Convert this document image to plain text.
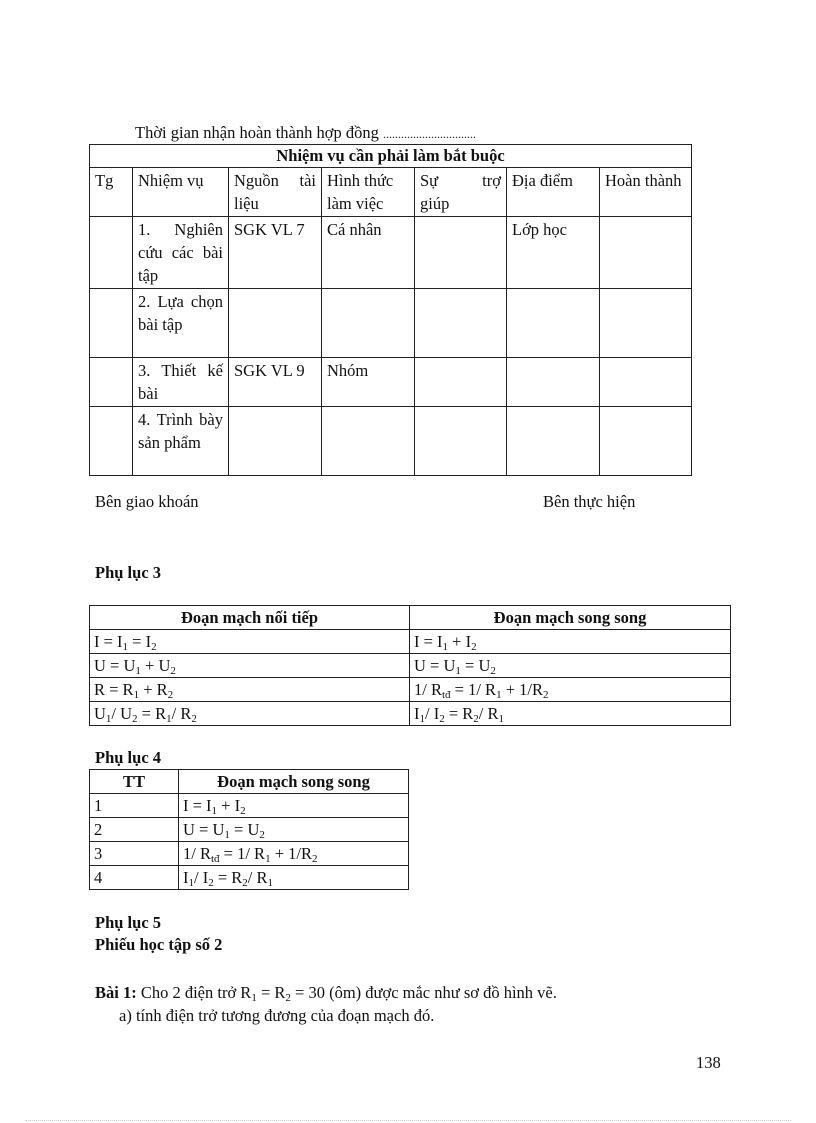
Thời gian nhận hoàn thành hợp đồng ...............................
Nhiệm vụ cần phải làm bắt buộc						
Tg	Nhiệm vụ	Nguồn tài liệu	Hình thức làm việc	Sự trợ giúp	Địa điểm	Hoàn thành
	1. Nghiên cứu các bài tập	SGK VL 7	Cá nhân		Lớp học	
	2. Lựa chọn bài tập					
	3. Thiết kế bài	SGK VL 9	Nhóm			
	4. Trình bày sản phẩm					
Bên giao khoán	Bên thực hiện
Phụ lục 3
Đoạn mạch nối tiếp	Đoạn mạch song song
$I = I_1 = I_2$	$I = I_1 + I_2$
$U = U_1 + U_2$	$U = U_1 = U_2$
$R = R_1 + R_2$	1/ $R_{tđ} = 1/$ $R_1 + 1/R_2$
$U_1/$ $U_2 = R_1/$ $R_2$	$I_1/$ $I_2 = R_2/$ $R_1$
Phụ lục 4
TT	Đoạn mạch song song
1	$I = I_1 + I_2$
2	$U = U_1 = U_2$
3	1/ $R_{tđ} = 1/$ $R_1 + 1/R_2$
4	$I_1/$ $I_2 = R_2/$ $R_1$
Phụ lục 5
Phiếu học tập số 2
Bài 1: Cho 2 điện trở $R_1 = R_2 = 30$ (ôm) được mắc như sơ đồ hình vẽ.
a) tính điện trở tương đương của đoạn mạch đó.
138
